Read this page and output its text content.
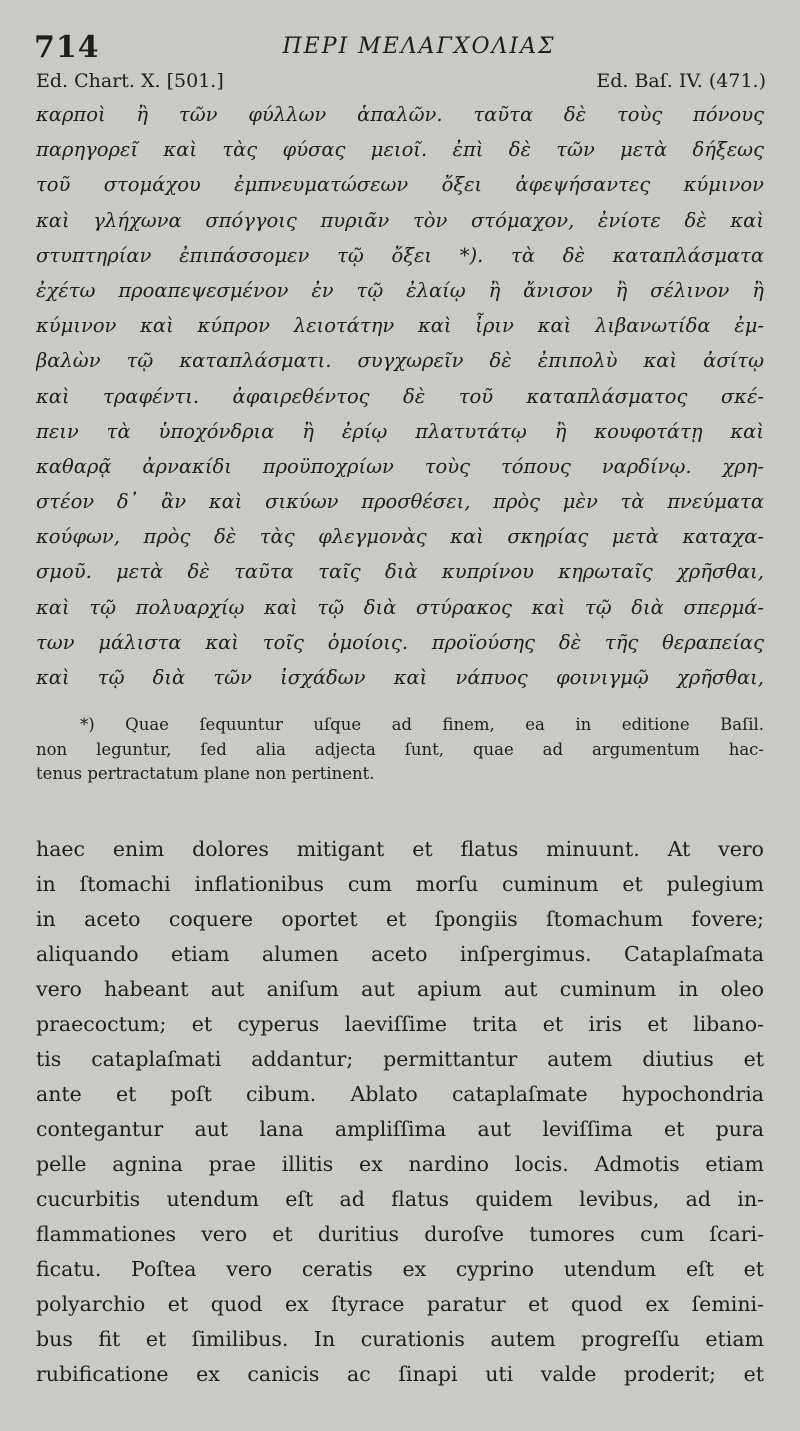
714	ΠΕΡΙ ΜΕΛΑΓΧΟΛΙΑΣ
Ed. Chart. X. [501.]	Ed. Baſ. IV. (471.)
καρποὶ ἢ τῶν φύλλων ἁπαλῶν. ταῦτα δὲ τοὺς πόνους
παρηγορεῖ καὶ τὰς φύσας μειοῖ. ἐπὶ δὲ τῶν μετὰ δήξεως
τοῦ στομάχου ἐμπνευματώσεων ὄξει ἀφεψήσαντες κύμινον
καὶ γλήχωνα σπόγγοις πυριᾶν τὸν στόμαχον, ἐνίοτε δὲ καὶ
στυπτηρίαν ἐπιπάσσομεν τῷ ὄξει *). τὰ δὲ καταπλάσματα
ἐχέτω προαπεψεσμένον ἐν τῷ ἐλαίῳ ἢ ἄνισον ἢ σέλινον ἢ
κύμινον καὶ κύπρον λειοτάτην καὶ ἶριν καὶ λιβανωτίδα ἐμ-
βαλὼν τῷ καταπλάσματι. συγχωρεῖν δὲ ἐπιπολὺ καὶ ἀσίτῳ
καὶ τραφέντι. ἀφαιρεθέντος δὲ τοῦ καταπλάσματος σκέ-
πειν τὰ ὑποχόνδρια ἢ ἐρίῳ πλατυτάτῳ ἢ κουφοτάτῃ καὶ
καθαρᾷ ἀρνακίδι προϋποχρίων τοὺς τόπους ναρδίνῳ. χρη-
στέον δ᾽ ἂν καὶ σικύων προσθέσει, πρὸς μὲν τὰ πνεύματα
κούφων, πρὸς δὲ τὰς φλεγμονὰς καὶ σκηρίας μετὰ καταχα-
σμοῦ. μετὰ δὲ ταῦτα ταῖς διὰ κυπρίνου κηρωταῖς χρῆσθαι,
καὶ τῷ πολυαρχίῳ καὶ τῷ διὰ στύρακος καὶ τῷ διὰ σπερμά-
των μάλιστα καὶ τοῖς ὁμοίοις. προϊούσης δὲ τῆς θεραπείας
καὶ τῷ διὰ τῶν ἰσχάδων καὶ νάπυος φοινιγμῷ χρῆσθαι,
*) Quae ſequuntur uſque ad finem, ea in editione Baſil.
non leguntur, ſed alia adjecta ſunt, quae ad argumentum hac-
tenus pertractatum plane non pertinent.
haec enim dolores mitigant et flatus minuunt. At vero
in ſtomachi inflationibus cum morſu cuminum et pulegium
in aceto coquere oportet et ſpongiis ſtomachum fovere;
aliquando etiam alumen aceto inſpergimus. Cataplaſmata
vero habeant aut aniſum aut apium aut cuminum in oleo
praecoctum; et cyperus laeviſſime trita et iris et libano-
tis cataplaſmati addantur; permittantur autem diutius et
ante et poſt cibum. Ablato cataplaſmate hypochondria
contegantur aut lana ampliſſima aut leviſſima et pura
pelle agnina prae illitis ex nardino locis. Admotis etiam
cucurbitis utendum eſt ad flatus quidem levibus, ad in-
flammationes vero et duritius duroſve tumores cum ſcari-
ficatu. Poſtea vero ceratis ex cyprino utendum eſt et
polyarchio et quod ex ſtyrace paratur et quod ex ſemini-
bus fit et ſimilibus. In curationis autem progreſſu etiam
rubificatione ex canicis ac ſinapi uti valde proderit; et
